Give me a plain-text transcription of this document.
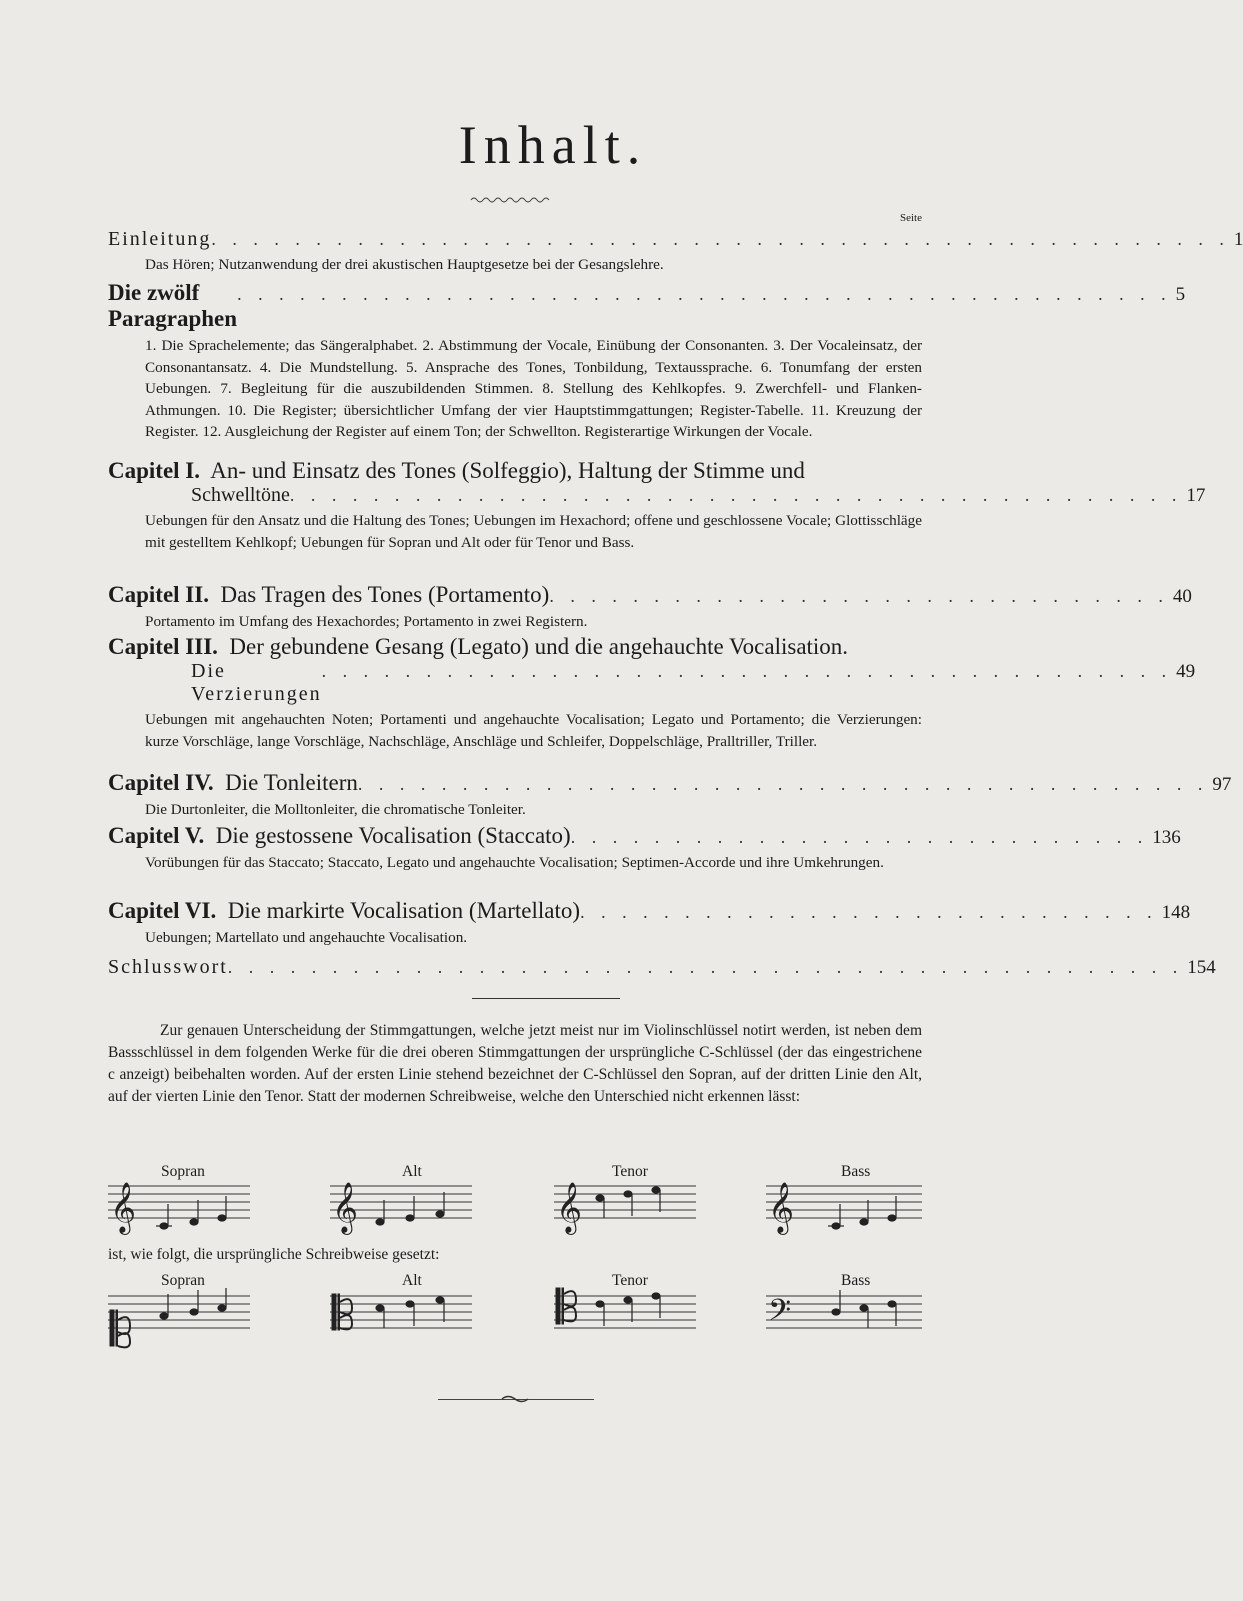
Inhalt.
Seite
Einleitung . . . . . . . . . . . . . . . . . . . . . . . . . . . . . . . . . . . . . . . . . . . . . . . . . 1
Das Hören; Nutzanwendung der drei akustischen Hauptgesetze bei der Gesangslehre.
Die zwölf Paragraphen
. . . . . . . . . . . . . . . . . . . . . . . . . . . . . . . . . . . . . . . . . . . . . 5
1. Die Sprachelemente; das Sängeralphabet. 2. Abstimmung der Vocale, Einübung der Consonanten. 3. Der Vocaleinsatz, der Consonantansatz. 4. Die Mundstellung. 5. Ansprache des Tones, Tonbildung, Textaussprache. 6. Tonumfang der ersten Uebungen. 7. Begleitung für die auszubildenden Stimmen. 8. Stellung des Kehlkopfes. 9. Zwerchfell- und Flanken-Athmungen. 10. Die Register; übersichtlicher Umfang der vier Hauptstimmgattungen; Register-Tabelle. 11. Kreuzung der Register. 12. Ausgleichung der Register auf einem Ton; der Schwellton. Registerartige Wirkungen der Vocale.
Capitel I. An- und Einsatz des Tones (Solfeggio), Haltung der Stimme und
Schwelltöne . . . . . . . . . . . . . . . . . . . . . . . . . . . . . . . . . . . . . . . . . . . 17
Uebungen für den Ansatz und die Haltung des Tones; Uebungen im Hexachord; offene und geschlossene Vocale; Glottisschläge mit gestelltem Kehlkopf; Uebungen für Sopran und Alt oder für Tenor und Bass.
Capitel II. Das Tragen des Tones (Portamento) . . . . . . . . . . . . . . . . . . . . . . . . . . . . . . 40
Portamento im Umfang des Hexachordes; Portamento in zwei Registern.
Capitel III. Der gebundene Gesang (Legato) und die angehauchte Vocalisation.
Die Verzierungen
. . . . . . . . . . . . . . . . . . . . . . . . . . . . . . . . . . . . . . . . . 49
Uebungen mit angehauchten Noten; Portamenti und angehauchte Vocalisation; Legato und Portamento; die Verzierungen: kurze Vorschläge, lange Vorschläge, Nachschläge, Anschläge und Schleifer, Doppelschläge, Pralltriller, Triller.
Capitel IV. Die Tonleitern . . . . . . . . . . . . . . . . . . . . . . . . . . . . . . . . . . . . . . . . . 97
Die Durtonleiter, die Molltonleiter, die chromatische Tonleiter.
Capitel V. Die gestossene Vocalisation (Staccato) . . . . . . . . . . . . . . . . . . . . . . . . . . . . 136
Vorübungen für das Staccato; Staccato, Legato und angehauchte Vocalisation; Septimen-Accorde und ihre Umkehrungen.
Capitel VI. Die markirte Vocalisation (Martellato) . . . . . . . . . . . . . . . . . . . . . . . . . . . . 148
Uebungen; Martellato und angehauchte Vocalisation.
Schlusswort . . . . . . . . . . . . . . . . . . . . . . . . . . . . . . . . . . . . . . . . . . . . . . 154
Zur genauen Unterscheidung der Stimmgattungen, welche jetzt meist nur im Violinschlüssel notirt werden, ist neben dem Bassschlüssel in dem folgenden Werke für die drei oberen Stimmgattungen der ursprüngliche C-Schlüssel (der das eingestrichene c anzeigt) beibehalten worden. Auf der ersten Linie stehend bezeichnet der C-Schlüssel den Sopran, auf der dritten Linie den Alt, auf der vierten Linie den Tenor. Statt der modernen Schreibweise, welche den Unterschied nicht erkennen lässt:
Sopran	Alt	Tenor	Bass
𝄞	𝄞	𝄞	𝄞
ist, wie folgt, die ursprüngliche Schreibweise gesetzt:
Sopran	Alt	Tenor	Bass
𝄢
